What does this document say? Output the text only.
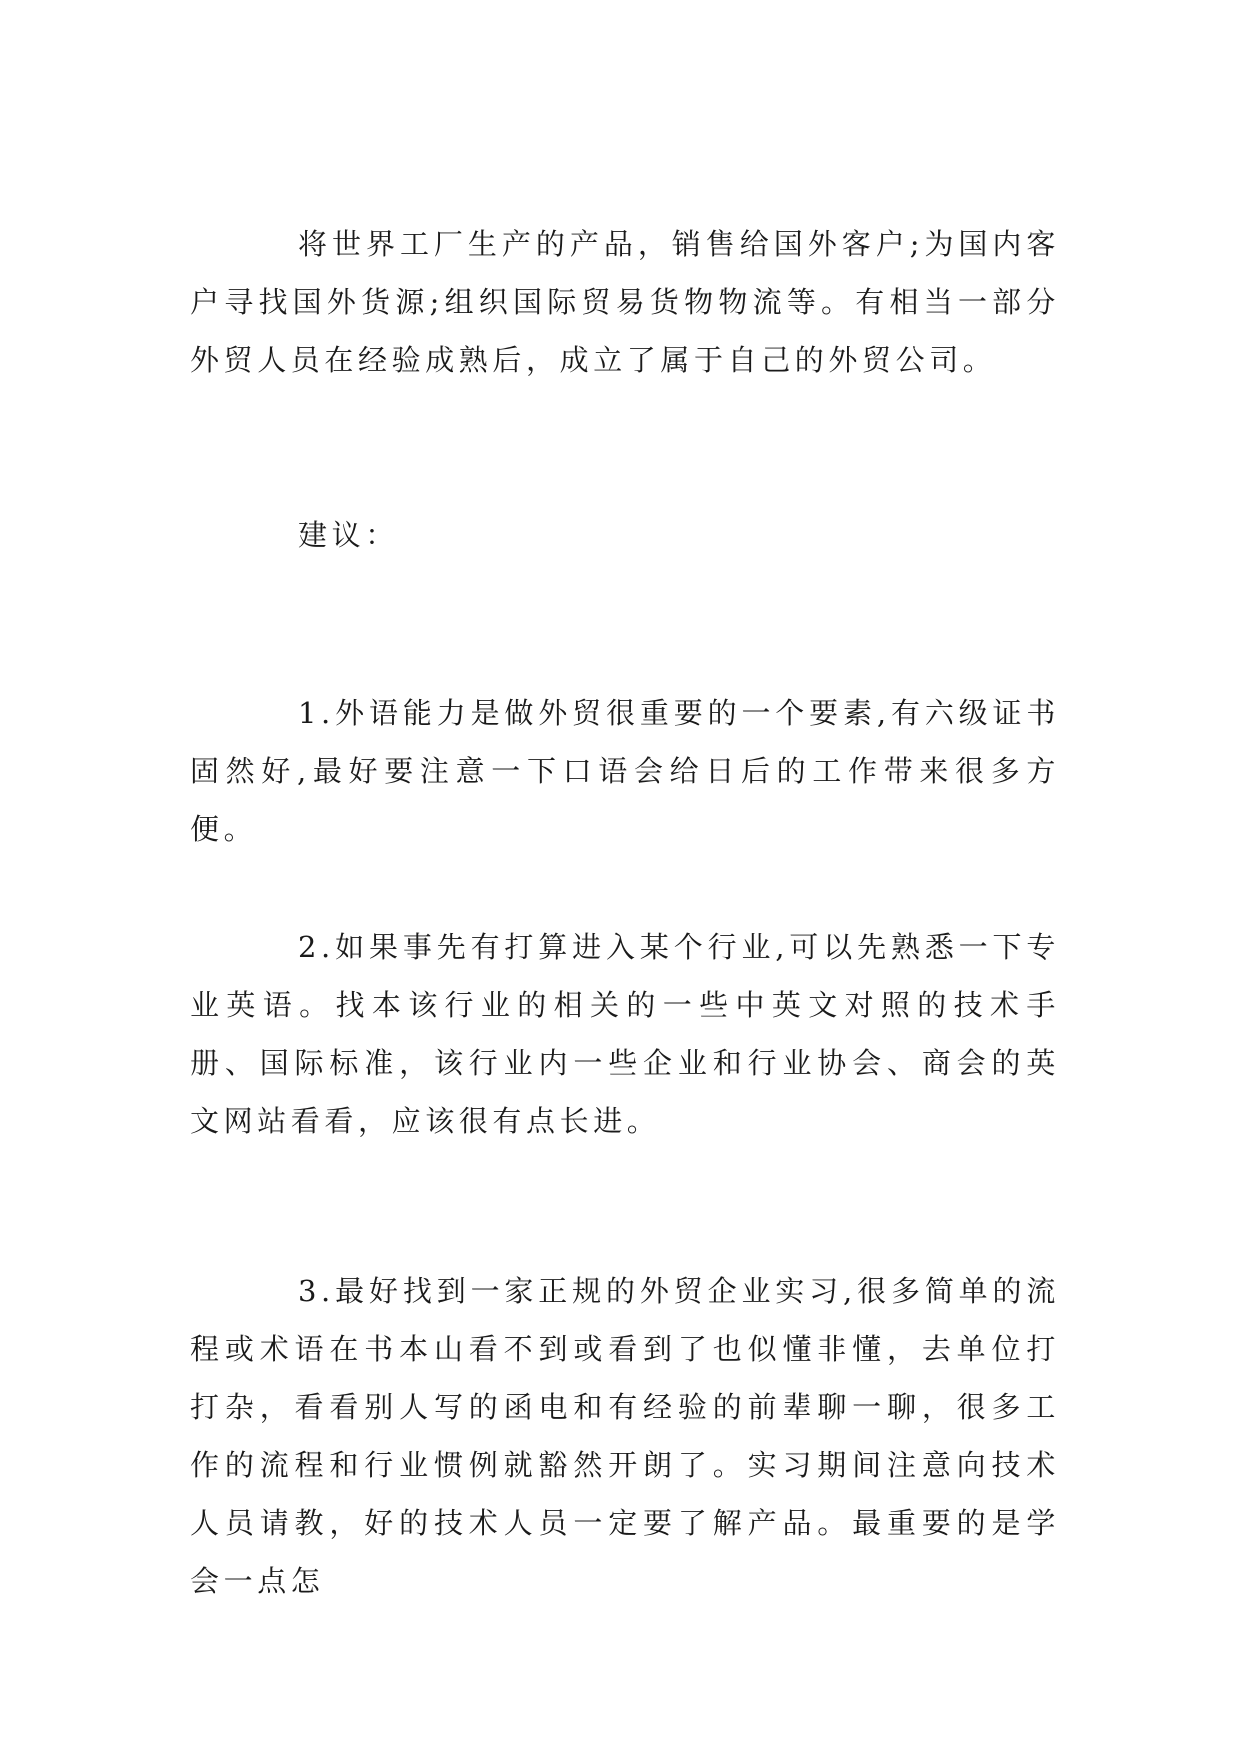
将世界工厂生产的产品，销售给国外客户;为国内客户寻找国外货源;组织国际贸易货物物流等。有相当一部分外贸人员在经验成熟后，成立了属于自己的外贸公司。

建议：

1.外语能力是做外贸很重要的一个要素,有六级证书固然好,最好要注意一下口语会给日后的工作带来很多方便。

2.如果事先有打算进入某个行业,可以先熟悉一下专业英语。找本该行业的相关的一些中英文对照的技术手册、国际标准，该行业内一些企业和行业协会、商会的英文网站看看，应该很有点长进。

3.最好找到一家正规的外贸企业实习,很多简单的流程或术语在书本山看不到或看到了也似懂非懂，去单位打打杂，看看别人写的函电和有经验的前辈聊一聊，很多工作的流程和行业惯例就豁然开朗了。实习期间注意向技术人员请教，好的技术人员一定要了解产品。最重要的是学会一点怎
